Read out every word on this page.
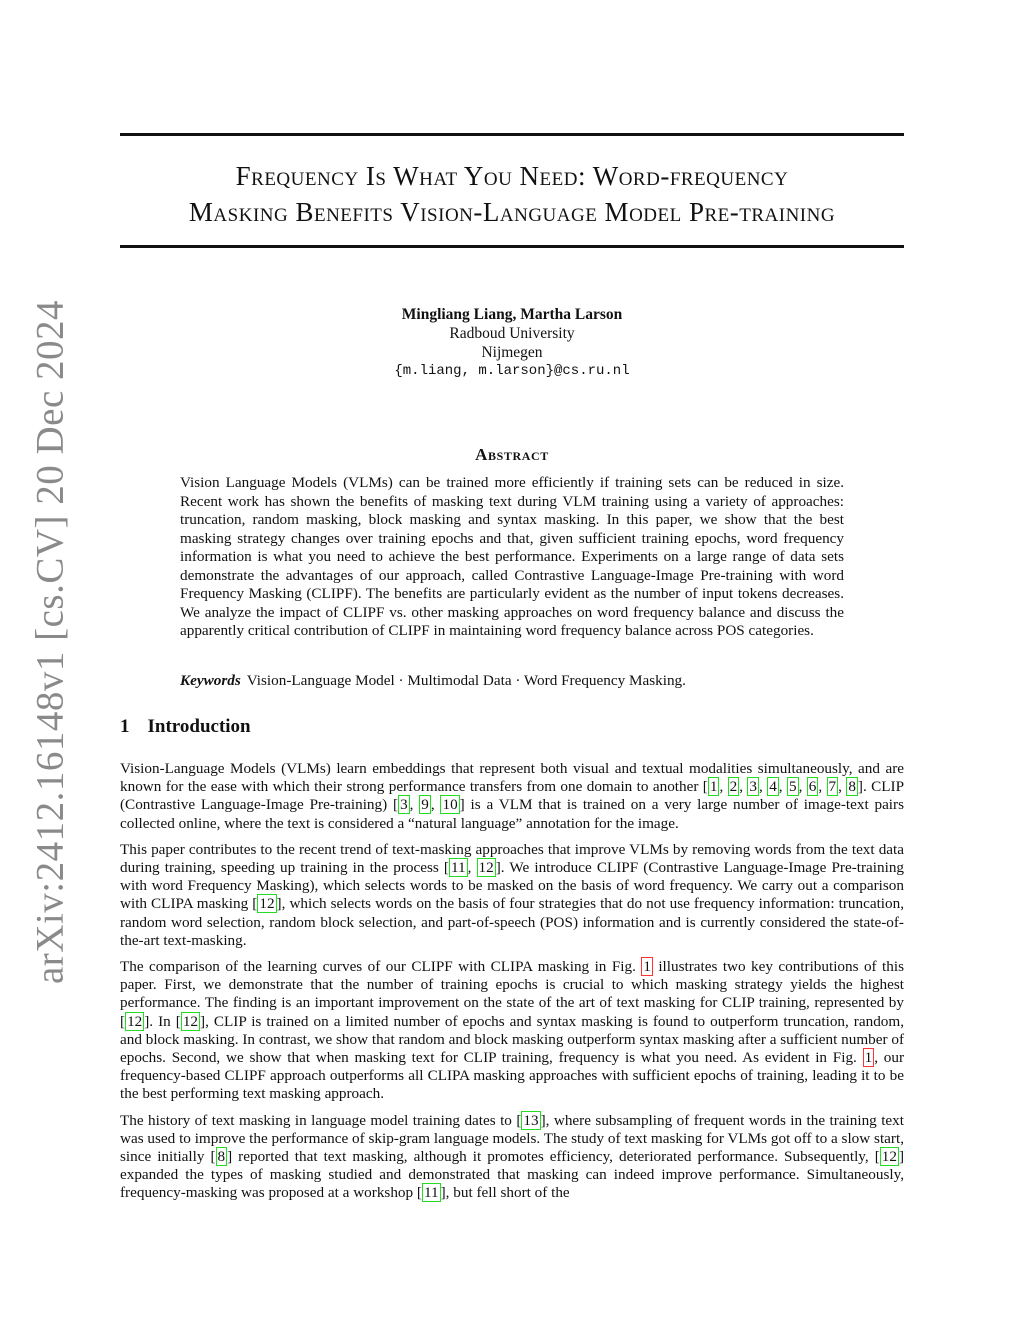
arXiv:2412.16148v1 [cs.CV] 20 Dec 2024
Frequency Is What You Need: Word-frequency
Masking Benefits Vision-Language Model Pre-training
Mingliang Liang, Martha Larson
Radboud University
Nijmegen
{m.liang, m.larson}@cs.ru.nl
Abstract
Vision Language Models (VLMs) can be trained more efficiently if training sets can be reduced in size. Recent work has shown the benefits of masking text during VLM training using a variety of approaches: truncation, random masking, block masking and syntax masking. In this paper, we show that the best masking strategy changes over training epochs and that, given sufficient training epochs, word frequency information is what you need to achieve the best performance. Experiments on a large range of data sets demonstrate the advantages of our approach, called Contrastive Language-Image Pre-training with word Frequency Masking (CLIPF). The benefits are particularly evident as the number of input tokens decreases. We analyze the impact of CLIPF vs. other masking approaches on word frequency balance and discuss the apparently critical contribution of CLIPF in maintaining word frequency balance across POS categories.
Keywords Vision-Language Model · Multimodal Data · Word Frequency Masking.
1 Introduction

Vision-Language Models (VLMs) learn embeddings that represent both visual and textual modalities simultaneously, and are known for the ease with which their strong performance transfers from one domain to another [ 1 , 2 , 3 , 4 , 5 , 6 , 7 , 8 ]. CLIP (Contrastive Language-Image Pre-training) [ 3 , 9 , 10 ] is a VLM that is trained on a very large number of image-text pairs collected online, where the text is considered a “natural language” annotation for the image.

This paper contributes to the recent trend of text-masking approaches that improve VLMs by removing words from the text data during training, speeding up training in the process [ 11 , 12 ]. We introduce CLIPF (Contrastive Language-Image Pre-training with word Frequency Masking), which selects words to be masked on the basis of word frequency. We carry out a comparison with CLIPA masking [ 12 ], which selects words on the basis of four strategies that do not use frequency information: truncation, random word selection, random block selection, and part-of-speech (POS) information and is currently considered the state-of-the-art text-masking.

The comparison of the learning curves of our CLIPF with CLIPA masking in Fig. 1 illustrates two key contributions of this paper. First, we demonstrate that the number of training epochs is crucial to which masking strategy yields the highest performance. The finding is an important improvement on the state of the art of text masking for CLIP training, represented by [ 12 ]. In [ 12 ], CLIP is trained on a limited number of epochs and syntax masking is found to outperform truncation, random, and block masking. In contrast, we show that random and block masking outperform syntax masking after a sufficient number of epochs. Second, we show that when masking text for CLIP training, frequency is what you need. As evident in Fig. 1 , our frequency-based CLIPF approach outperforms all CLIPA masking approaches with sufficient epochs of training, leading it to be the best performing text masking approach.

The history of text masking in language model training dates to [ 13 ], where subsampling of frequent words in the training text was used to improve the performance of skip-gram language models. The study of text masking for VLMs got off to a slow start, since initially [ 8 ] reported that text masking, although it promotes efficiency, deteriorated performance. Subsequently, [ 12 ] expanded the types of masking studied and demonstrated that masking can indeed improve performance. Simultaneously, frequency-masking was proposed at a workshop [ 11 ], but fell short of the
